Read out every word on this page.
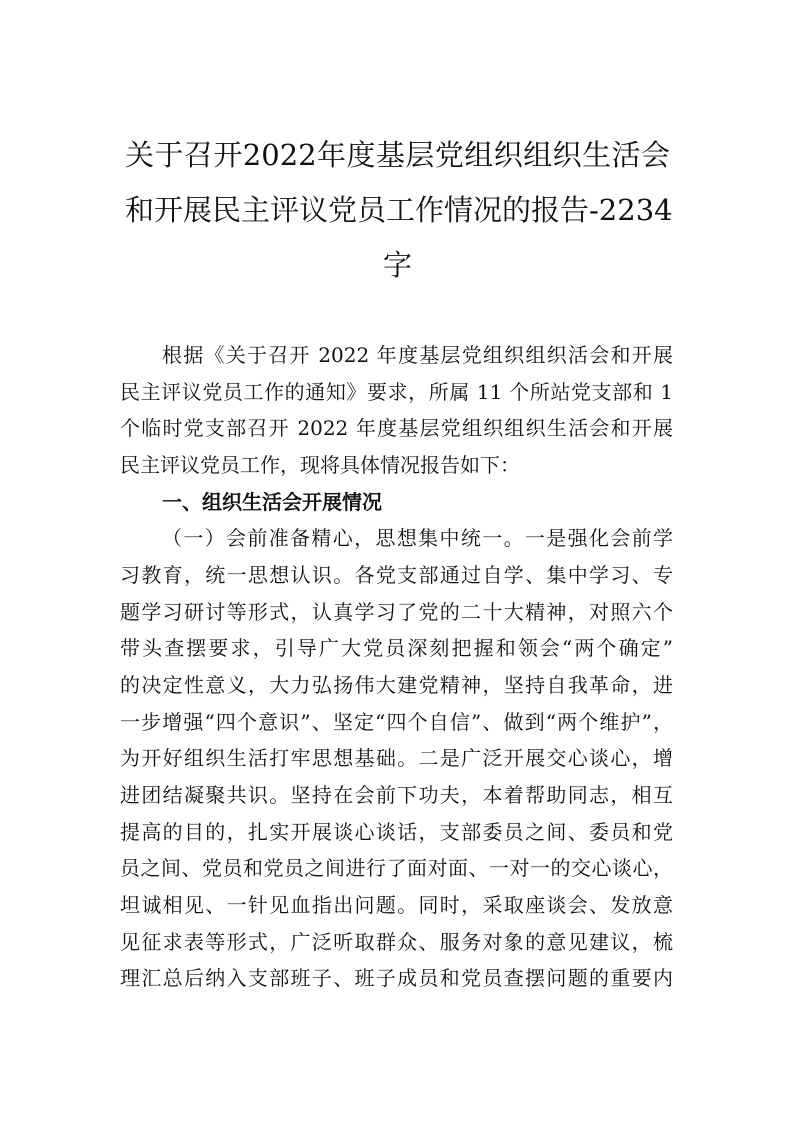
关于召开2022年度基层党组织组织生活会
和开展民主评议党员工作情况的报告-2234
字
根据《关于召开 2022 年度基层党组织组织活会和开展
民主评议党员工作的通知》要求，所属 11 个所站党支部和 1
个临时党支部召开 2022 年度基层党组织组织生活会和开展
民主评议党员工作，现将具体情况报告如下：
一、组织生活会开展情况
（一）会前准备精心，思想集中统一。一是强化会前学
习教育，统一思想认识。各党支部通过自学、集中学习、专
题学习研讨等形式，认真学习了党的二十大精神，对照六个
带头查摆要求，引导广大党员深刻把握和领会“两个确定”
的决定性意义，大力弘扬伟大建党精神，坚持自我革命，进
一步增强“四个意识”、坚定“四个自信”、做到“两个维护”，
为开好组织生活打牢思想基础。二是广泛开展交心谈心，增
进团结凝聚共识。坚持在会前下功夫，本着帮助同志，相互
提高的目的，扎实开展谈心谈话，支部委员之间、委员和党
员之间、党员和党员之间进行了面对面、一对一的交心谈心，
坦诚相见、一针见血指出问题。同时，采取座谈会、发放意
见征求表等形式，广泛听取群众、服务对象的意见建议，梳
理汇总后纳入支部班子、班子成员和党员查摆问题的重要内
